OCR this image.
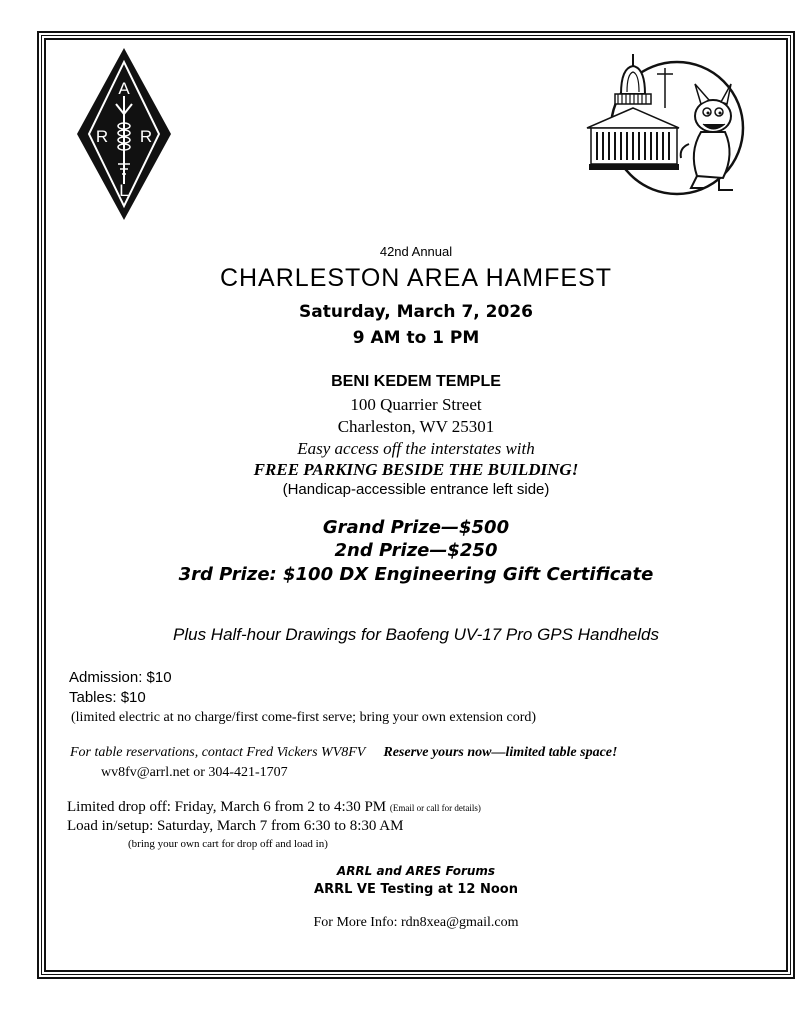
A
R R
L
42nd Annual
CHARLESTON AREA HAMFEST
Saturday, March 7, 2026
9 AM to 1 PM
BENI KEDEM TEMPLE
100 Quarrier Street
Charleston, WV 25301
Easy access off the interstates with
FREE PARKING BESIDE THE BUILDING!
(Handicap-accessible entrance left side)
Grand Prize—$500
2nd Prize—$250
3rd Prize: $100 DX Engineering Gift Certificate
Plus Half-hour Drawings for Baofeng UV-17 Pro GPS Handhelds
Admission: $10
Tables: $10
(limited electric at no charge/first come-first serve; bring your own extension cord)
For table reservations, contact Fred Vickers WV8FV Reserve yours now—limited table space!
wv8fv@arrl.net or 304-421-1707
Limited drop off: Friday, March 6 from 2 to 4:30 PM (Email or call for details)
Load in/setup: Saturday, March 7 from 6:30 to 8:30 AM
(bring your own cart for drop off and load in)
ARRL and ARES Forums
ARRL VE Testing at 12 Noon
For More Info: rdn8xea@gmail.com
